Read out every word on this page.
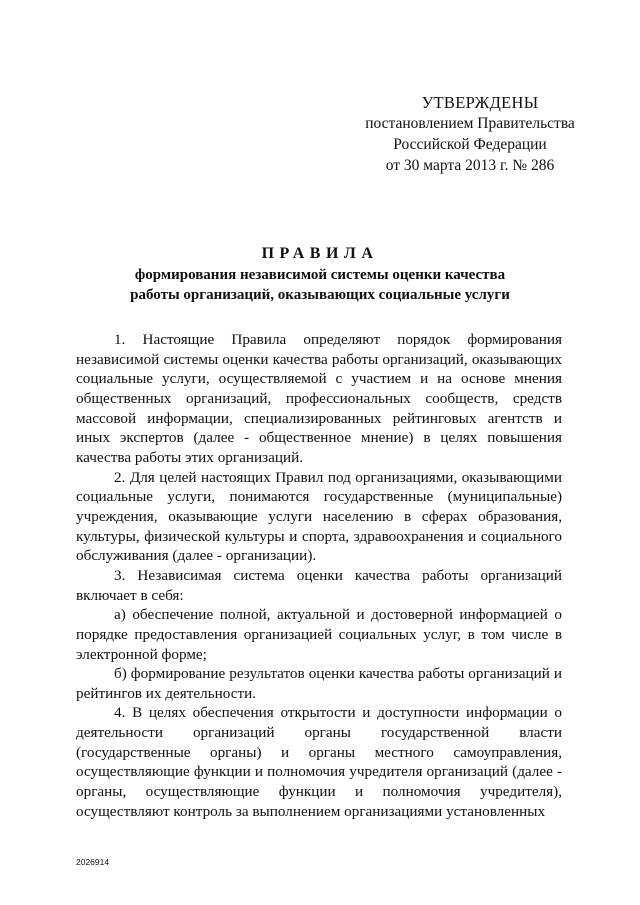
УТВЕРЖДЕНЫ
постановлением Правительства
Российской Федерации
от 30 марта 2013 г. № 286
ПРАВИЛА
формирования независимой системы оценки качества
работы организаций, оказывающих социальные услуги

1. Настоящие Правила определяют порядок формирования независимой системы оценки качества работы организаций, оказывающих социальные услуги, осуществляемой с участием и на основе мнения общественных организаций, профессиональных сообществ, средств массовой информации, специализированных рейтинговых агентств и иных экспертов (далее - общественное мнение) в целях повышения качества работы этих организаций.

2. Для целей настоящих Правил под организациями, оказывающими социальные услуги, понимаются государственные (муниципальные) учреждения, оказывающие услуги населению в сферах образования, культуры, физической культуры и спорта, здравоохранения и социального обслуживания (далее - организации).

3. Независимая система оценки качества работы организаций включает в себя:

а) обеспечение полной, актуальной и достоверной информацией о порядке предоставления организацией социальных услуг, в том числе в электронной форме;

б) формирование результатов оценки качества работы организаций и рейтингов их деятельности.

4. В целях обеспечения открытости и доступности информации о деятельности организаций органы государственной власти (государственные органы) и органы местного самоуправления, осуществляющие функции и полномочия учредителя организаций (далее - органы, осуществляющие функции и полномочия учредителя), осуществляют контроль за выполнением организациями установленных

2026914
